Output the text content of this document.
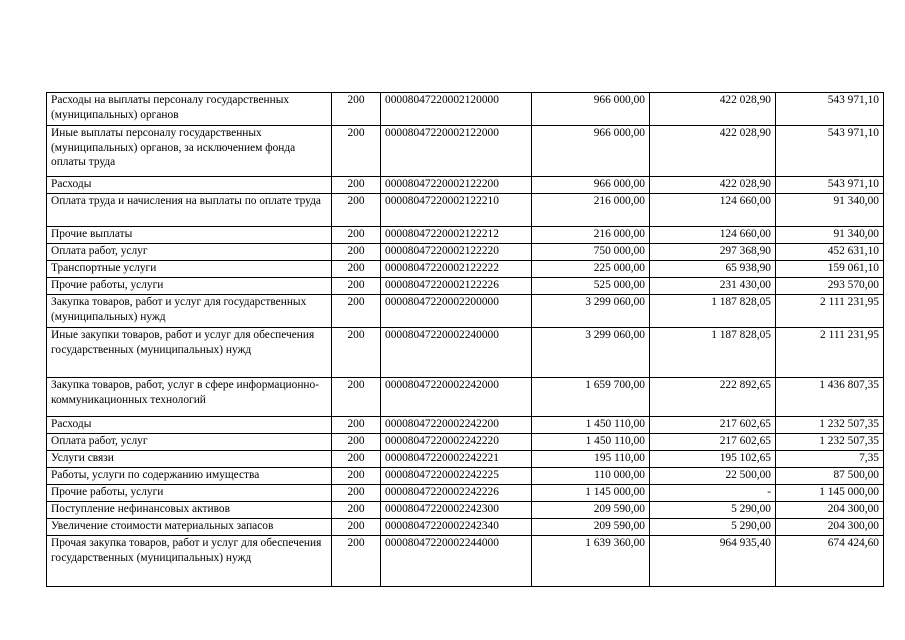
Расходы на выплаты персоналу государственных (муниципальных) органов	200	00008047220002120000	966 000,00	422 028,90	543 971,10
Иные выплаты персоналу государственных (муниципальных) органов, за исключением фонда оплаты труда	200	00008047220002122000	966 000,00	422 028,90	543 971,10
Расходы	200	00008047220002122200	966 000,00	422 028,90	543 971,10
Оплата труда и начисления на выплаты по оплате труда	200	00008047220002122210	216 000,00	124 660,00	91 340,00
Прочие выплаты	200	00008047220002122212	216 000,00	124 660,00	91 340,00
Оплата работ, услуг	200	00008047220002122220	750 000,00	297 368,90	452 631,10
Транспортные услуги	200	00008047220002122222	225 000,00	65 938,90	159 061,10
Прочие работы, услуги	200	00008047220002122226	525 000,00	231 430,00	293 570,00
Закупка товаров, работ и услуг для государственных (муниципальных) нужд	200	00008047220002200000	3 299 060,00	1 187 828,05	2 111 231,95
Иные закупки товаров, работ и услуг для обеспечения государственных (муниципальных) нужд	200	00008047220002240000	3 299 060,00	1 187 828,05	2 111 231,95
Закупка товаров, работ, услуг в сфере информационно-коммуникационных технологий	200	00008047220002242000	1 659 700,00	222 892,65	1 436 807,35
Расходы	200	00008047220002242200	1 450 110,00	217 602,65	1 232 507,35
Оплата работ, услуг	200	00008047220002242220	1 450 110,00	217 602,65	1 232 507,35
Услуги связи	200	00008047220002242221	195 110,00	195 102,65	7,35
Работы, услуги по содержанию имущества	200	00008047220002242225	110 000,00	22 500,00	87 500,00
Прочие работы, услуги	200	00008047220002242226	1 145 000,00	-	1 145 000,00
Поступление нефинансовых активов	200	00008047220002242300	209 590,00	5 290,00	204 300,00
Увеличение стоимости материальных запасов	200	00008047220002242340	209 590,00	5 290,00	204 300,00
Прочая закупка товаров, работ и услуг для обеспечения государственных (муниципальных) нужд	200	00008047220002244000	1 639 360,00	964 935,40	674 424,60
